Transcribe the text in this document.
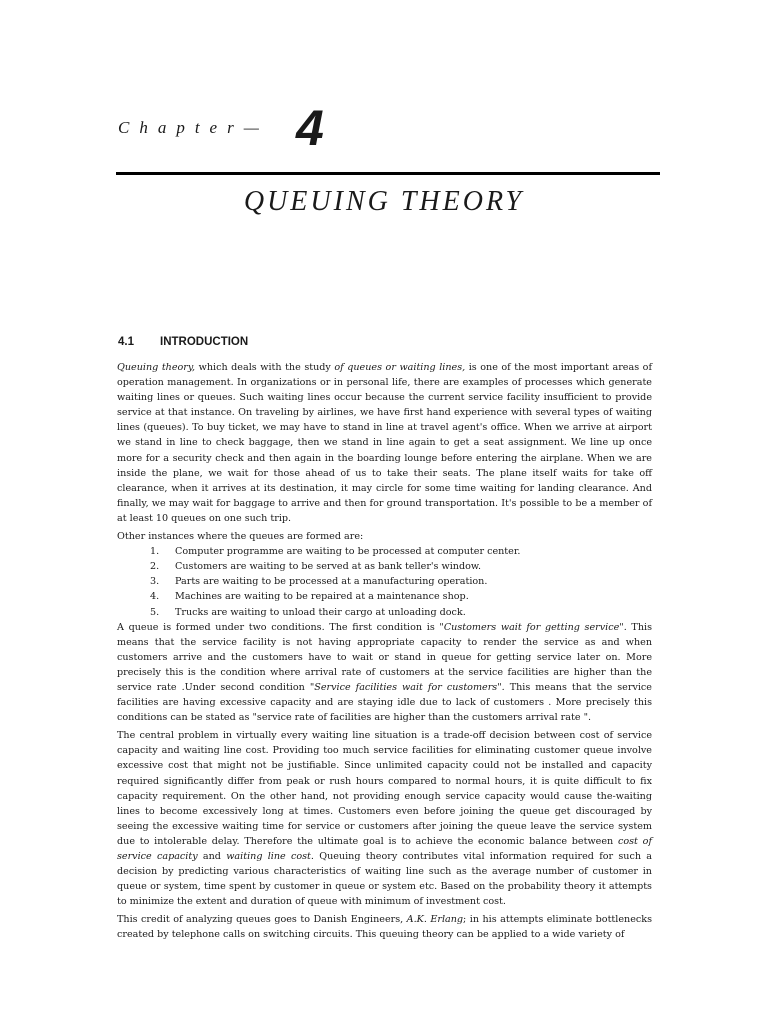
Chapter— 4
QUEUING THEORY
4.1 INTRODUCTION

Queuing theory, which deals with the study of queues or waiting lines, is one of the most important areas of operation management. In organizations or in personal life, there are examples of processes which generate waiting lines or queues. Such waiting lines occur because the current service facility insufficient to provide service at that instance. On traveling by airlines, we have first hand experience with several types of waiting lines (queues). To buy ticket, we may have to stand in line at travel agent's office. When we arrive at airport we stand in line to check baggage, then we stand in line again to get a seat assignment. We line up once more for a security check and then again in the boarding lounge before entering the airplane. When we are inside the plane, we wait for those ahead of us to take their seats. The plane itself waits for take off clearance, when it arrives at its destination, it may circle for some time waiting for landing clearance. And finally, we may wait for baggage to arrive and then for ground transportation. It's possible to be a member of at least 10 queues on one such trip.

Other instances where the queues are formed are:

1. Computer programme are waiting to be processed at computer center.
2. Customers are waiting to be served at as bank teller's window.
3. Parts are waiting to be processed at a manufacturing operation.
4. Machines are waiting to be repaired at a maintenance shop.
5. Trucks are waiting to unload their cargo at unloading dock.

A queue is formed under two conditions. The first condition is "Customers wait for getting service". This means that the service facility is not having appropriate capacity to render the service as and when customers arrive and the customers have to wait or stand in queue for getting service later on. More precisely this is the condition where arrival rate of customers at the service facilities are higher than the service rate .Under second condition "Service facilities wait for customers". This means that the service facilities are having excessive capacity and are staying idle due to lack of customers . More precisely this conditions can be stated as "service rate of facilities are higher than the customers arrival rate ".

The central problem in virtually every waiting line situation is a trade-off decision between cost of service capacity and waiting line cost. Providing too much service facilities for eliminating customer queue involve excessive cost that might not be justifiable. Since unlimited capacity could not be installed and capacity required significantly differ from peak or rush hours compared to normal hours, it is quite difficult to fix capacity requirement. On the other hand, not providing enough service capacity would cause the-waiting lines to become excessively long at times. Customers even before joining the queue get discouraged by seeing the excessive waiting time for service or customers after joining the queue leave the service system due to intolerable delay. Therefore the ultimate goal is to achieve the economic balance between cost of service capacity and waiting line cost. Queuing theory contributes vital information required for such a decision by predicting various characteristics of waiting line such as the average number of customer in queue or system, time spent by customer in queue or system etc. Based on the probability theory it attempts to minimize the extent and duration of queue with minimum of investment cost.

This credit of analyzing queues goes to Danish Engineers, A.K. Erlang; in his attempts eliminate bottlenecks created by telephone calls on switching circuits. This queuing theory can be applied to a wide variety of
